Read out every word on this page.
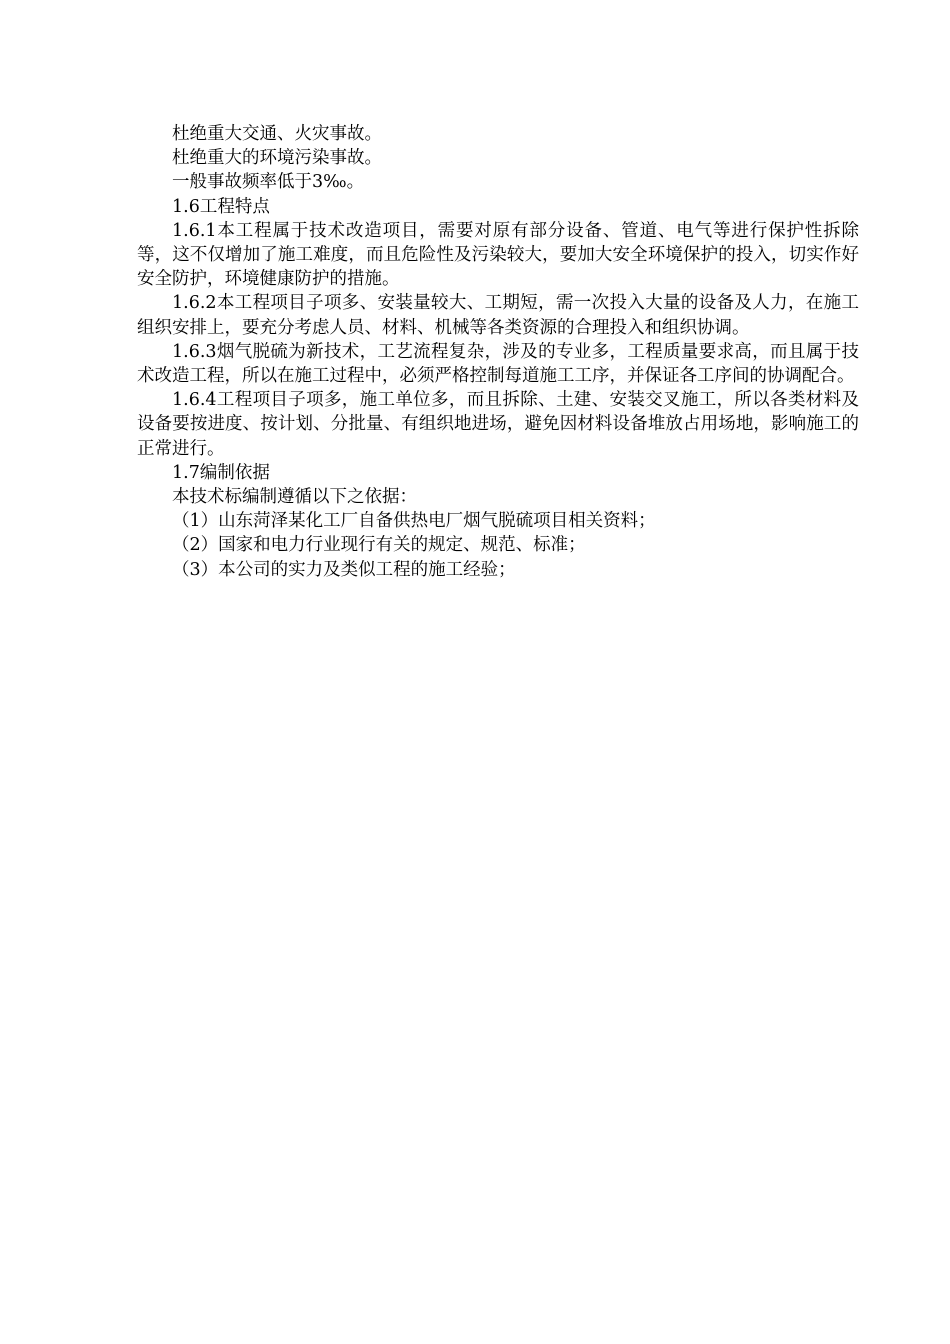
杜绝重大交通、火灾事故。

杜绝重大的环境污染事故。

一般事故频率低于3‰。

1.6工程特点

1.6.1本工程属于技术改造项目，需要对原有部分设备、管道、电气等进行保护性拆除等，这不仅增加了施工难度，而且危险性及污染较大，要加大安全环境保护的投入，切实作好安全防护，环境健康防护的措施。

1.6.2本工程项目子项多、安装量较大、工期短，需一次投入大量的设备及人力，在施工组织安排上，要充分考虑人员、材料、机械等各类资源的合理投入和组织协调。

1.6.3烟气脱硫为新技术，工艺流程复杂，涉及的专业多，工程质量要求高，而且属于技术改造工程，所以在施工过程中，必须严格控制每道施工工序，并保证各工序间的协调配合。

1.6.4工程项目子项多，施工单位多，而且拆除、土建、安装交叉施工，所以各类材料及设备要按进度、按计划、分批量、有组织地进场，避免因材料设备堆放占用场地，影响施工的正常进行。

1.7编制依据

本技术标编制遵循以下之依据：

（1）山东菏泽某化工厂自备供热电厂烟气脱硫项目相关资料；

（2）国家和电力行业现行有关的规定、规范、标准；

（3）本公司的实力及类似工程的施工经验；
